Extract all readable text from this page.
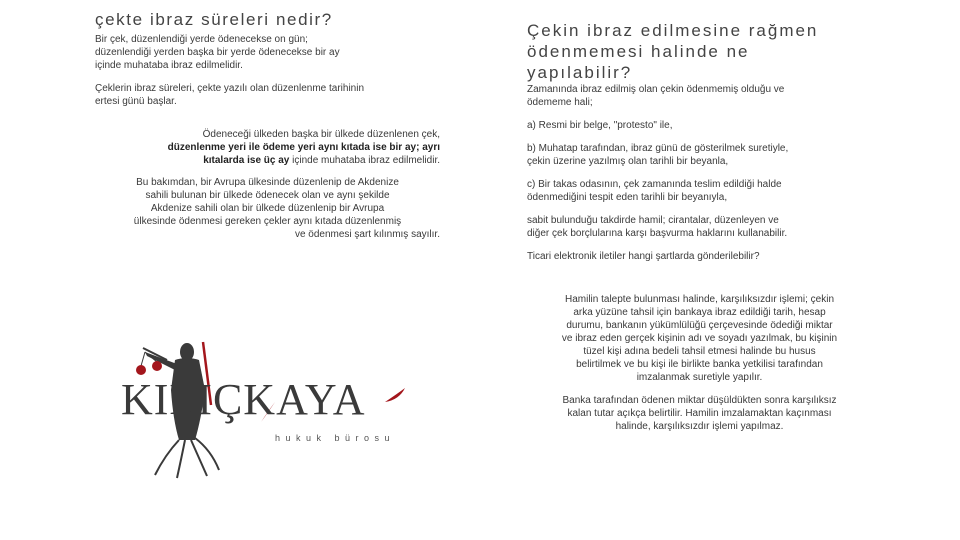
çekte ibraz süreleri nedir?

Bir çek, düzenlendiği yerde ödenecekse on gün;

düzenlendiği yerden başka bir yerde ödenecekse bir ay

içinde muhataba ibraz edilmelidir.

Çeklerin ibraz süreleri, çekte yazılı olan düzenlenme tarihinin

ertesi günü başlar.

Ödeneceği ülkeden başka bir ülkede düzenlenen çek,

düzenlenme yeri ile ödeme yeri aynı kıtada ise bir ay; ayrı

kıtalarda ise üç ay içinde muhataba ibraz edilmelidir.

Bu bakımdan, bir Avrupa ülkesinde düzenlenip de Akdenize

sahili bulunan bir ülkede ödenecek olan ve aynı şekilde

Akdenize sahili olan bir ülkede düzenlenip bir Avrupa

ülkesinde ödenmesi gereken çekler aynı kıtada düzenlenmiş

ve ödenmesi şart kılınmış sayılır.

KILIÇKAYA
hukuk bürosu
Çekin ibraz edilmesine rağmen
ödenmemesi halinde ne
yapılabilir?

Zamanında ibraz edilmiş olan çekin ödenmemiş olduğu ve

ödememe hali;

a) Resmi bir belge, "protesto" ile,

b) Muhatap tarafından, ibraz günü de gösterilmek suretiyle,

çekin üzerine yazılmış olan tarihli bir beyanla,

c) Bir takas odasının, çek zamanında teslim edildiği halde

ödenmediğini tespit eden tarihli bir beyanıyla,

sabit bulunduğu takdirde hamil; cirantalar, düzenleyen ve

diğer çek borçlularına karşı başvurma haklarını kullanabilir.

Ticari elektronik iletiler hangi şartlarda gönderilebilir?

Hamilin talepte bulunması halinde, karşılıksızdır işlemi; çekin

arka yüzüne tahsil için bankaya ibraz edildiği tarih, hesap

durumu, bankanın yükümlülüğü çerçevesinde ödediği miktar

ve ibraz eden gerçek kişinin adı ve soyadı yazılmak, bu kişinin

tüzel kişi adına bedeli tahsil etmesi halinde bu husus

belirtilmek ve bu kişi ile birlikte banka yetkilisi tarafından

imzalanmak suretiyle yapılır.

Banka tarafından ödenen miktar düşüldükten sonra karşılıksız

kalan tutar açıkça belirtilir. Hamilin imzalamaktan kaçınması

halinde, karşılıksızdır işlemi yapılmaz.
